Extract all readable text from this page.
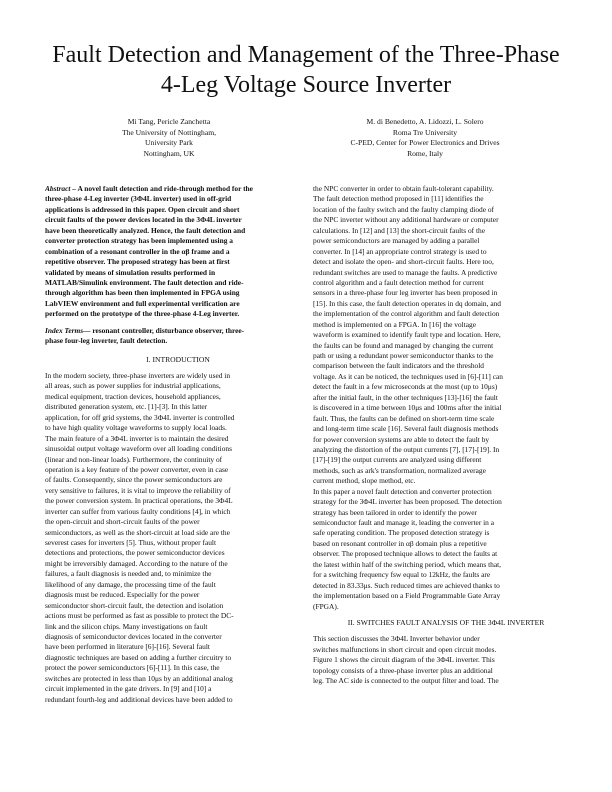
Fault Detection and Management of the Three-Phase
4-Leg Voltage Source Inverter
Mi Tang, Pericle Zanchetta
The University of Nottingham,
University Park
Nottingham, UK
M. di Benedetto, A. Lidozzi, L. Solero
Roma Tre University
C-PED, Center for Power Electronics and Drives
Rome, Italy
Abstract – A novel fault detection and ride-through method for the
three-phase 4-Leg inverter (3Φ4L inverter) used in off-grid
applications is addressed in this paper. Open circuit and short
circuit faults of the power devices located in the 3Φ4L inverter
have been theoretically analyzed. Hence, the fault detection and
converter protection strategy has been implemented using a
combination of a resonant controller in the αβ frame and a
repetitive observer. The proposed strategy has been at first
validated by means of simulation results performed in
MATLAB/Simulink environment. The fault detection and ride-
through algorithm has been then implemented in FPGA using
LabVIEW environment and full experimental verification are
performed on the prototype of the three-phase 4-Leg inverter.
Index Terms— resonant controller, disturbance observer, three-
phase four-leg inverter, fault detection.
I. INTRODUCTION
In the modern society, three-phase inverters are widely used in
all areas, such as power supplies for industrial applications,
medical equipment, traction devices, household appliances,
distributed generation system, etc. [1]-[3]. In this latter
application, for off grid systems, the 3Φ4L inverter is controlled
to have high quality voltage waveforms to supply local loads.
The main feature of a 3Φ4L inverter is to maintain the desired
sinusoidal output voltage waveform over all loading conditions
(linear and non-linear loads). Furthermore, the continuity of
operation is a key feature of the power converter, even in case
of faults. Consequently, since the power semiconductors are
very sensitive to failures, it is vital to improve the reliability of
the power conversion system. In practical operations, the 3Φ4L
inverter can suffer from various faulty conditions [4], in which
the open-circuit and short-circuit faults of the power
semiconductors, as well as the short-circuit at load side are the
severest cases for inverters [5]. Thus, without proper fault
detections and protections, the power semiconductor devices
might be irreversibly damaged. According to the nature of the
failures, a fault diagnosis is needed and, to minimize the
likelihood of any damage, the processing time of the fault
diagnosis must be reduced. Especially for the power
semiconductor short-circuit fault, the detection and isolation
actions must be performed as fast as possible to protect the DC-
link and the silicon chips. Many investigations on fault
diagnosis of semiconductor devices located in the converter
have been performed in literature [6]-[16]. Several fault
diagnostic techniques are based on adding a further circuitry to
protect the power semiconductors [6]-[11]. In this case, the
switches are protected in less than 10μs by an additional analog
circuit implemented in the gate drivers. In [9] and [10] a
redundant fourth-leg and additional devices have been added to
the NPC converter in order to obtain fault-tolerant capability.
The fault detection method proposed in [11] identifies the
location of the faulty switch and the faulty clamping diode of
the NPC inverter without any additional hardware or computer
calculations. In [12] and [13] the short-circuit faults of the
power semiconductors are managed by adding a parallel
converter. In [14] an appropriate control strategy is used to
detect and isolate the open- and short-circuit faults. Here too,
redundant switches are used to manage the faults. A predictive
control algorithm and a fault detection method for current
sensors in a three-phase four leg inverter has been proposed in
[15]. In this case, the fault detection operates in dq domain, and
the implementation of the control algorithm and fault detection
method is implemented on a FPGA. In [16] the voltage
waveform is examined to identify fault type and location. Here,
the faults can be found and managed by changing the current
path or using a redundant power semiconductor thanks to the
comparison between the fault indicators and the threshold
voltage. As it can be noticed, the techniques used in [6]-[11] can
detect the fault in a few microseconds at the most (up to 10μs)
after the initial fault, in the other techniques [13]-[16] the fault
is discovered in a time between 10μs and 100ms after the initial
fault. Thus, the faults can be defined on short-term time scale
and long-term time scale [16]. Several fault diagnosis methods
for power conversion systems are able to detect the fault by
analyzing the distortion of the output currents [7], [17]-[19]. In
[17]-[19] the output currents are analyzed using different
methods, such as ark's transformation, normalized average
current method, slope method, etc.
In this paper a novel fault detection and converter protection
strategy for the 3Φ4L inverter has been proposed. The detection
strategy has been tailored in order to identify the power
semiconductor fault and manage it, leading the converter in a
safe operating condition. The proposed detection strategy is
based on resonant controller in αβ domain plus a repetitive
observer. The proposed technique allows to detect the faults at
the latest within half of the switching period, which means that,
for a switching frequency fsw equal to 12kHz, the faults are
detected in 83.33μs. Such reduced times are achieved thanks to
the implementation based on a Field Programmable Gate Array
(FPGA).
II. SWITCHES FAULT ANALYSIS OF THE 3Φ4L INVERTER
This section discusses the 3Φ4L Inverter behavior under
switches malfunctions in short circuit and open circuit modes.
Figure 1 shows the circuit diagram of the 3Φ4L inverter. This
topology consists of a three-phase inverter plus an additional
leg. The AC side is connected to the output filter and load. The
